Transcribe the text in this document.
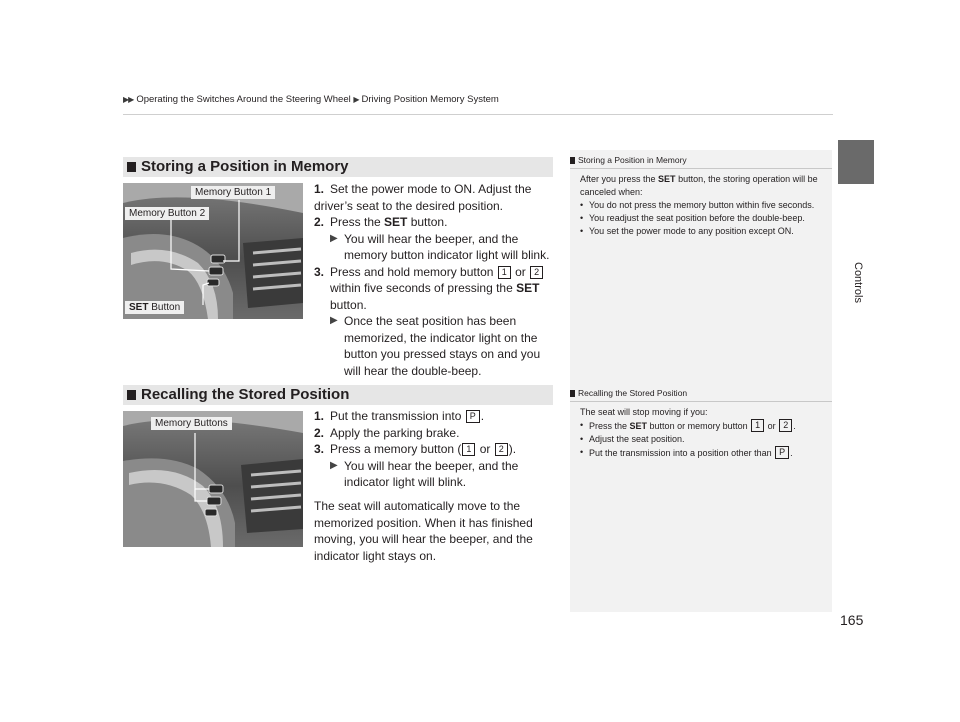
▶▶ Operating the Switches Around the Steering Wheel ▶ Driving Position Memory System
Controls
165
Storing a Position in Memory
Memory Button 1
Memory Button 2
SET Button
1. Set the power mode to ON. Adjust the driver’s seat to the desired position.
2. Press the SET button.
▶ You will hear the beeper, and the memory button indicator light will blink.
3. Press and hold memory button 1 or 2
within five seconds of pressing the SET
button.
▶ Once the seat position has been memorized, the indicator light on the button you pressed stays on and you will hear the double-beep.
Storing a Position in Memory
After you press the SET button, the storing operation will be canceled when:
• You do not press the memory button within five seconds.
• You readjust the seat position before the double-beep.
• You set the power mode to any position except ON.
Recalling the Stored Position
Memory Buttons
1. Put the transmission into P .
2. Apply the parking brake.
3. Press a memory button ( 1 or 2 ).
▶ You will hear the beeper, and the indicator light will blink.
The seat will automatically move to the memorized position. When it has finished moving, you will hear the beeper, and the indicator light stays on.
Recalling the Stored Position
The seat will stop moving if you:
• Press the SET button or memory button 1 or 2 .
• Adjust the seat position.
• Put the transmission into a position other than P .
